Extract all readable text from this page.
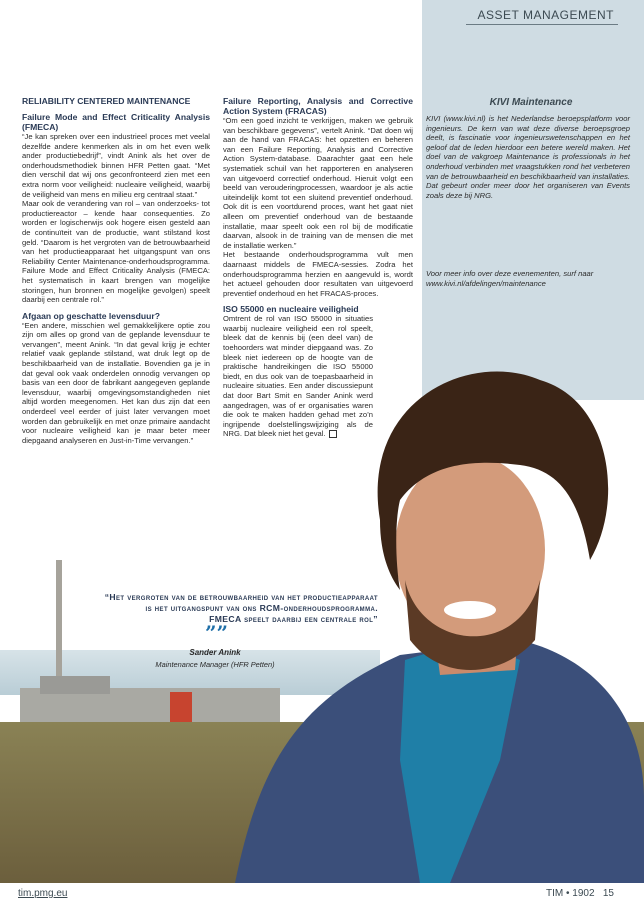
ASSET MANAGEMENT

RELIABILITY CENTERED MAINTENANCE

Failure Mode and Effect Criticality Analysis (FMECA)

“Je kan spreken over een industrieel proces met veelal dezelfde andere kenmerken als in om het even welk ander productiebedrijf”, vindt Anink als het over de onderhoudsmethodiek binnen HFR Petten gaat. “Met dien verschil dat wij ons geconfronteerd zien met een extra norm voor veiligheid: nucleaire veiligheid, waarbij de veiligheid van mens en milieu erg centraal staat.”

Maar ook de verandering van rol – van onderzoeks- tot productiereactor – kende haar consequenties. Zo worden er logischerwijs ook hogere eisen gesteld aan de continuïteit van de productie, want stilstand kost geld. “Daarom is het vergroten van de betrouwbaarheid van het productieapparaat het uitgangspunt van ons Reliability Center Maintenance-onderhoudsprogramma. Failure Mode and Effect Criticality Analysis (FMECA: het systematisch in kaart brengen van mogelijke storingen, hun bronnen en mogelijke gevolgen) speelt daarbij een centrale rol.”

Afgaan op geschatte levensduur?

“Een andere, misschien wel gemakkelijkere optie zou zijn om alles op grond van de geplande levensduur te vervangen”, meent Anink. “In dat geval krijg je echter relatief vaak geplande stilstand, wat druk legt op de beschikbaarheid van de installatie. Bovendien ga je in dat geval ook vaak onderdelen onnodig vervangen op basis van een door de fabrikant aangegeven geplande levensduur, waarbij omgevingsomstandigheden niet altijd worden meegenomen. Het kan dus zijn dat een onderdeel veel eerder of juist later vervangen moet worden dan gebruikelijk en met onze primaire aandacht voor nucleaire veiligheid kan je maar beter meer diepgaand analyseren en Just-in-Time vervangen.”

Failure Reporting, Analysis and Corrective Action System (FRACAS)

“Om een goed inzicht te verkrijgen, maken we gebruik van beschikbare gegevens”, vertelt Anink. “Dat doen wij aan de hand van FRACAS: het opzetten en beheren van een Failure Reporting, Analysis and Corrective Action System-database. Daarachter gaat een hele systematiek schuil van het rapporteren en analyseren van uitgevoerd correctief onderhoud. Hieruit volgt een beeld van verouderingprocessen, waardoor je als actie uiteindelijk komt tot een sluitend preventief onderhoud. Ook dit is een voortdurend proces, want het gaat niet alleen om preventief onderhoud van de bestaande installatie, maar speelt ook een rol bij de modificatie daarvan, alsook in de training van de mensen die met de installatie werken.”

Het bestaande onderhoudsprogramma vult men daarnaast middels de FMECA-sessies. Zodra het onderhoudsprogramma herzien en aangevuld is, wordt het actueel gehouden door resultaten van uitgevoerd preventief onderhoud en het FRACAS-proces.

ISO 55000 en nucleaire veiligheid

Omtrent de rol van ISO 55000 in situaties waarbij nucleaire veiligheid een rol speelt, bleek dat de kennis bij (een deel van) de toehoorders wat minder diepgaand was. Zo bleek niet iedereen op de hoogte van de praktische handreikingen die ISO 55000 biedt, en dus ook van de toepasbaarheid in nucleaire situaties. Een ander discussiepunt dat door Bart Smit en Sander Anink werd aangedragen, was of er organisaties waren die ook te maken hadden gehad met zo’n ingrijpende doelstellingswijziging als de NRG. Dat bleek niet het geval.

KIVI Maintenance

KIVI (www.kivi.nl) is het Nederlandse beroepsplatform voor ingenieurs. De kern van wat deze diverse beroepsgroep deelt, is fascinatie voor ingenieurswetenschappen en het geloof dat de leden hierdoor een betere wereld maken. Het doel van de vakgroep Maintenance is professionals in het onderhoud verbinden met vraagstukken rond het verbeteren van de betrouwbaarheid en beschikbaarheid van installaties. Dat gebeurt onder meer door het organiseren van Events zoals deze bij NRG.

Voor meer info over deze evenementen, surf naar www.kivi.nl/afdelingen/maintenance
“Het vergroten van de betrouwbaarheid van het productieapparaat
is het uitgangspunt van ons RCM-onderhoudsprogramma.
FMECA speelt daarbij een centrale rol”
””
Sander Anink
Maintenance Manager (HFR Petten)
tim.pmg.eu	TIM • 1902 15
